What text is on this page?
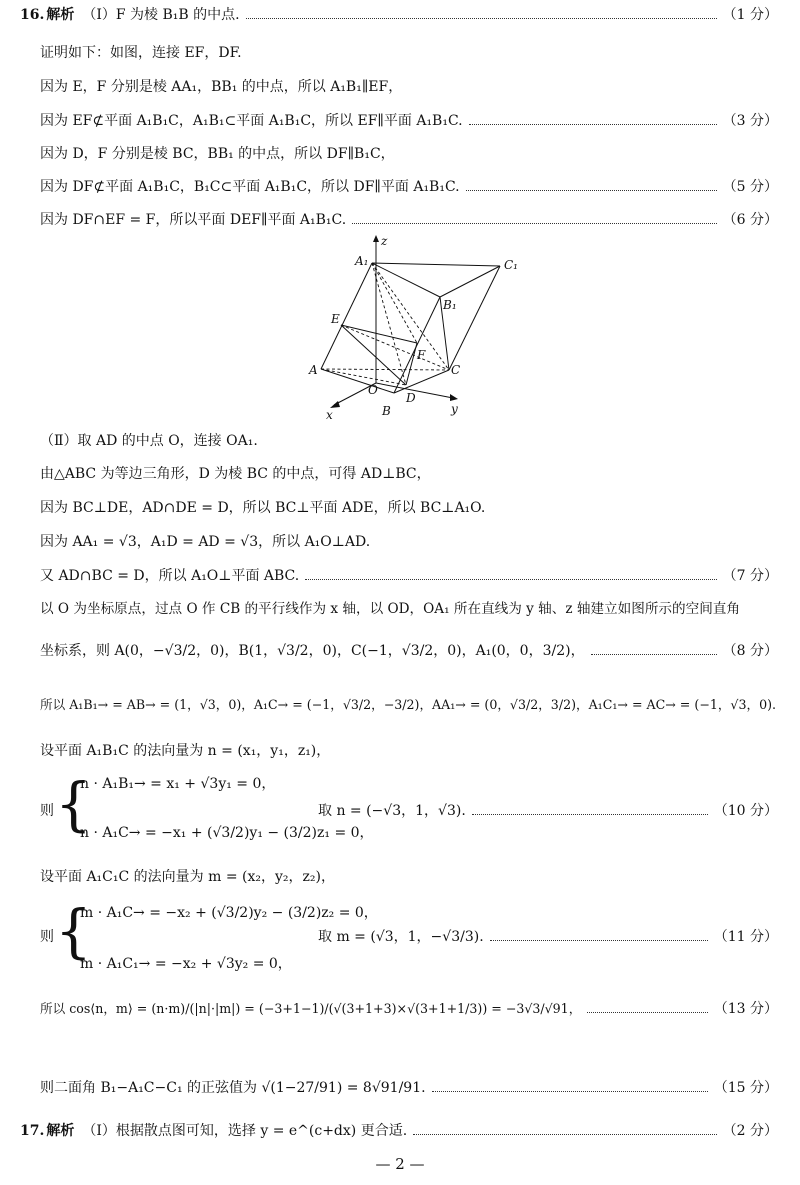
16. 解析 （Ⅰ）F 为棱 B₁B 的中点.	（1 分）
证明如下：如图，连接 EF，DF.
因为 E，F 分别是棱 AA₁，BB₁ 的中点，所以 A₁B₁∥EF，
因为 EF⊄平面 A₁B₁C，A₁B₁⊂平面 A₁B₁C，所以 EF∥平面 A₁B₁C.	（3 分）
因为 D，F 分别是棱 BC，BB₁ 的中点，所以 DF∥B₁C，
因为 DF⊄平面 A₁B₁C，B₁C⊂平面 A₁B₁C，所以 DF∥平面 A₁B₁C.	（5 分）
因为 DF∩EF = F，所以平面 DEF∥平面 A₁B₁C.	（6 分）
z
A₁	C₁
B₁
E
F
A
O
D
C
B
x	y
（Ⅱ）取 AD 的中点 O，连接 OA₁.
由△ABC 为等边三角形，D 为棱 BC 的中点，可得 AD⊥BC，
因为 BC⊥DE，AD∩DE = D，所以 BC⊥平面 ADE，所以 BC⊥A₁O.
因为 AA₁ = √3，A₁D = AD = √3，所以 A₁O⊥AD.
又 AD∩BC = D，所以 A₁O⊥平面 ABC.	（7 分）
以 O 为坐标原点，过点 O 作 CB 的平行线作为 x 轴，以 OD，OA₁ 所在直线为 y 轴、z 轴建立如图所示的空间直角
坐标系，则 A(0，−√3/2，0)，B(1，√3/2，0)，C(−1，√3/2，0)，A₁(0，0，3/2)，	（8 分）
所以 A₁B₁→ = AB→ = (1，√3，0)，A₁C→ = (−1，√3/2，−3/2)，AA₁→ = (0，√3/2，3/2)，A₁C₁→ = AC→ = (−1，√3，0).
设平面 A₁B₁C 的法向量为 n = (x₁，y₁，z₁)，
则 {
n · A₁B₁→ = x₁ + √3y₁ = 0，
n · A₁C→ = −x₁ + (√3/2)y₁ − (3/2)z₁ = 0，
取 n = (−√3，1，√3).	（10 分）
设平面 A₁C₁C 的法向量为 m = (x₂，y₂，z₂)，
则 {
m · A₁C→ = −x₂ + (√3/2)y₂ − (3/2)z₂ = 0，
m · A₁C₁→ = −x₂ + √3y₂ = 0，
取 m = (√3，1，−√3/3).	（11 分）
所以 cos⟨n，m⟩ = (n·m)/(|n|·|m|) = (−3+1−1)/(√(3+1+3)×√(3+1+1/3)) = −3√3/√91，	（13 分）
则二面角 B₁−A₁C−C₁ 的正弦值为 √(1−27/91) = 8√91/91.	（15 分）
17. 解析 （Ⅰ）根据散点图可知，选择 y = e^(c+dx) 更合适.	（2 分）
— 2 —
